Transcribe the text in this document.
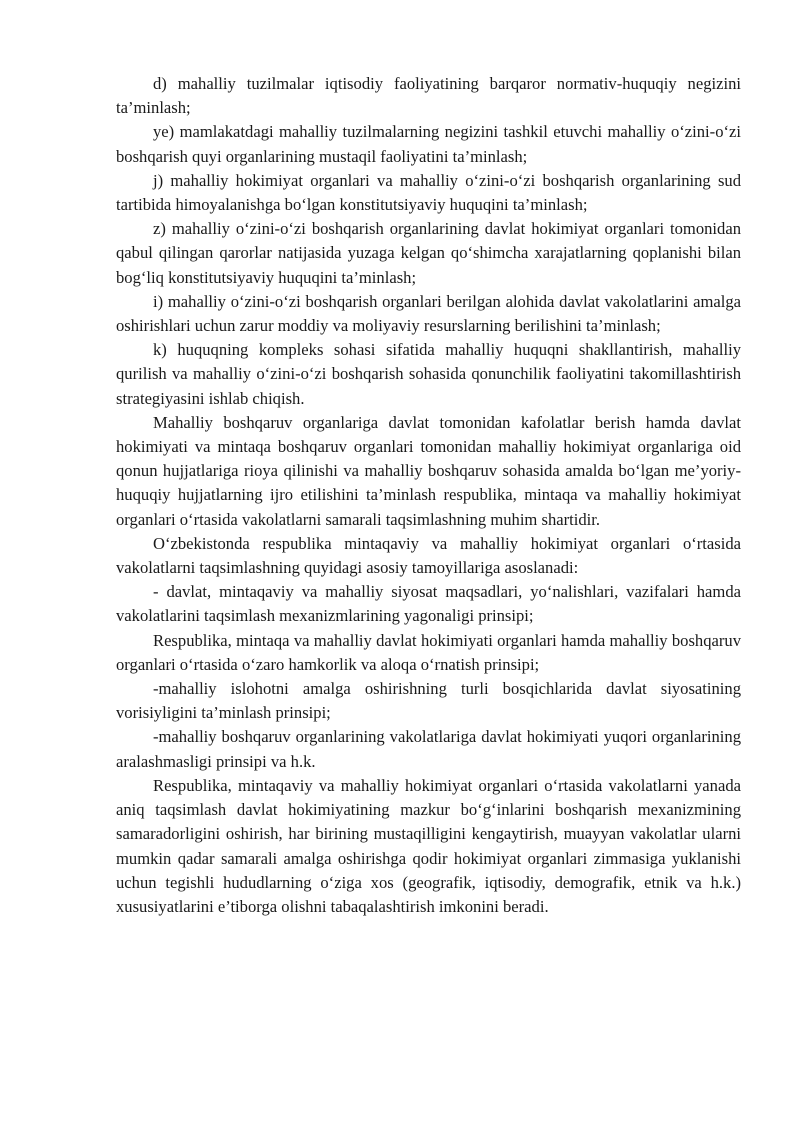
d) mahalliy tuzilmalar iqtisodiy faoliyatining barqaror normativ-huquqiy negizini ta’minlash;

ye) mamlakatdagi mahalliy tuzilmalarning negizini tashkil etuvchi mahalliy o‘zini-o‘zi boshqarish quyi organlarining mustaqil faoliyatini ta’minlash;

j) mahalliy hokimiyat organlari va mahalliy o‘zini-o‘zi boshqarish organlarining sud tartibida himoyalanishga bo‘lgan konstitutsiyaviy huquqini ta’minlash;

z) mahalliy o‘zini-o‘zi boshqarish organlarining davlat hokimiyat organlari tomonidan qabul qilingan qarorlar natijasida yuzaga kelgan qo‘shimcha xarajatlarning qoplanishi bilan bog‘liq konstitutsiyaviy huquqini ta’minlash;

i) mahalliy o‘zini-o‘zi boshqarish organlari berilgan alohida davlat vakolatlarini amalga oshirishlari uchun zarur moddiy va moliyaviy resurslarning berilishini ta’minlash;

k) huquqning kompleks sohasi sifatida mahalliy huquqni shakllantirish, mahalliy qurilish va mahalliy o‘zini-o‘zi boshqarish sohasida qonunchilik faoliyatini takomillashtirish strategiyasini ishlab chiqish.

Mahalliy boshqaruv organlariga davlat tomonidan kafolatlar berish hamda davlat hokimiyati va mintaqa boshqaruv organlari tomonidan mahalliy hokimiyat organlariga oid qonun hujjatlariga rioya qilinishi va mahalliy boshqaruv sohasida amalda bo‘lgan me’yoriy-huquqiy hujjatlarning ijro etilishini ta’minlash respublika, mintaqa va mahalliy hokimiyat organlari o‘rtasida vakolatlarni samarali taqsimlashning muhim shartidir.

O‘zbekistonda respublika mintaqaviy va mahalliy hokimiyat organlari o‘rtasida vakolatlarni taqsimlashning quyidagi asosiy tamoyillariga asoslanadi:

- davlat, mintaqaviy va mahalliy siyosat maqsadlari, yo‘nalishlari, vazifalari hamda vakolatlarini taqsimlash mexanizmlarining yagonaligi prinsipi;

Respublika, mintaqa va mahalliy davlat hokimiyati organlari hamda mahalliy boshqaruv organlari o‘rtasida o‘zaro hamkorlik va aloqa o‘rnatish prinsipi;

-mahalliy islohotni amalga oshirishning turli bosqichlarida davlat siyosatining vorisiyligini ta’minlash prinsipi;

-mahalliy boshqaruv organlarining vakolatlariga davlat hokimiyati yuqori organlarining aralashmasligi prinsipi va h.k.

Respublika, mintaqaviy va mahalliy hokimiyat organlari o‘rtasida vakolatlarni yanada aniq taqsimlash davlat hokimiyatining mazkur bo‘g‘inlarini boshqarish mexanizmining samaradorligini oshirish, har birining mustaqilligini kengaytirish, muayyan vakolatlar ularni mumkin qadar samarali amalga oshirishga qodir hokimiyat organlari zimmasiga yuklanishi uchun tegishli hududlarning o‘ziga xos (geografik, iqtisodiy, demografik, etnik va h.k.) xususiyatlarini e’tiborga olishni tabaqalashtirish imkonini beradi.
